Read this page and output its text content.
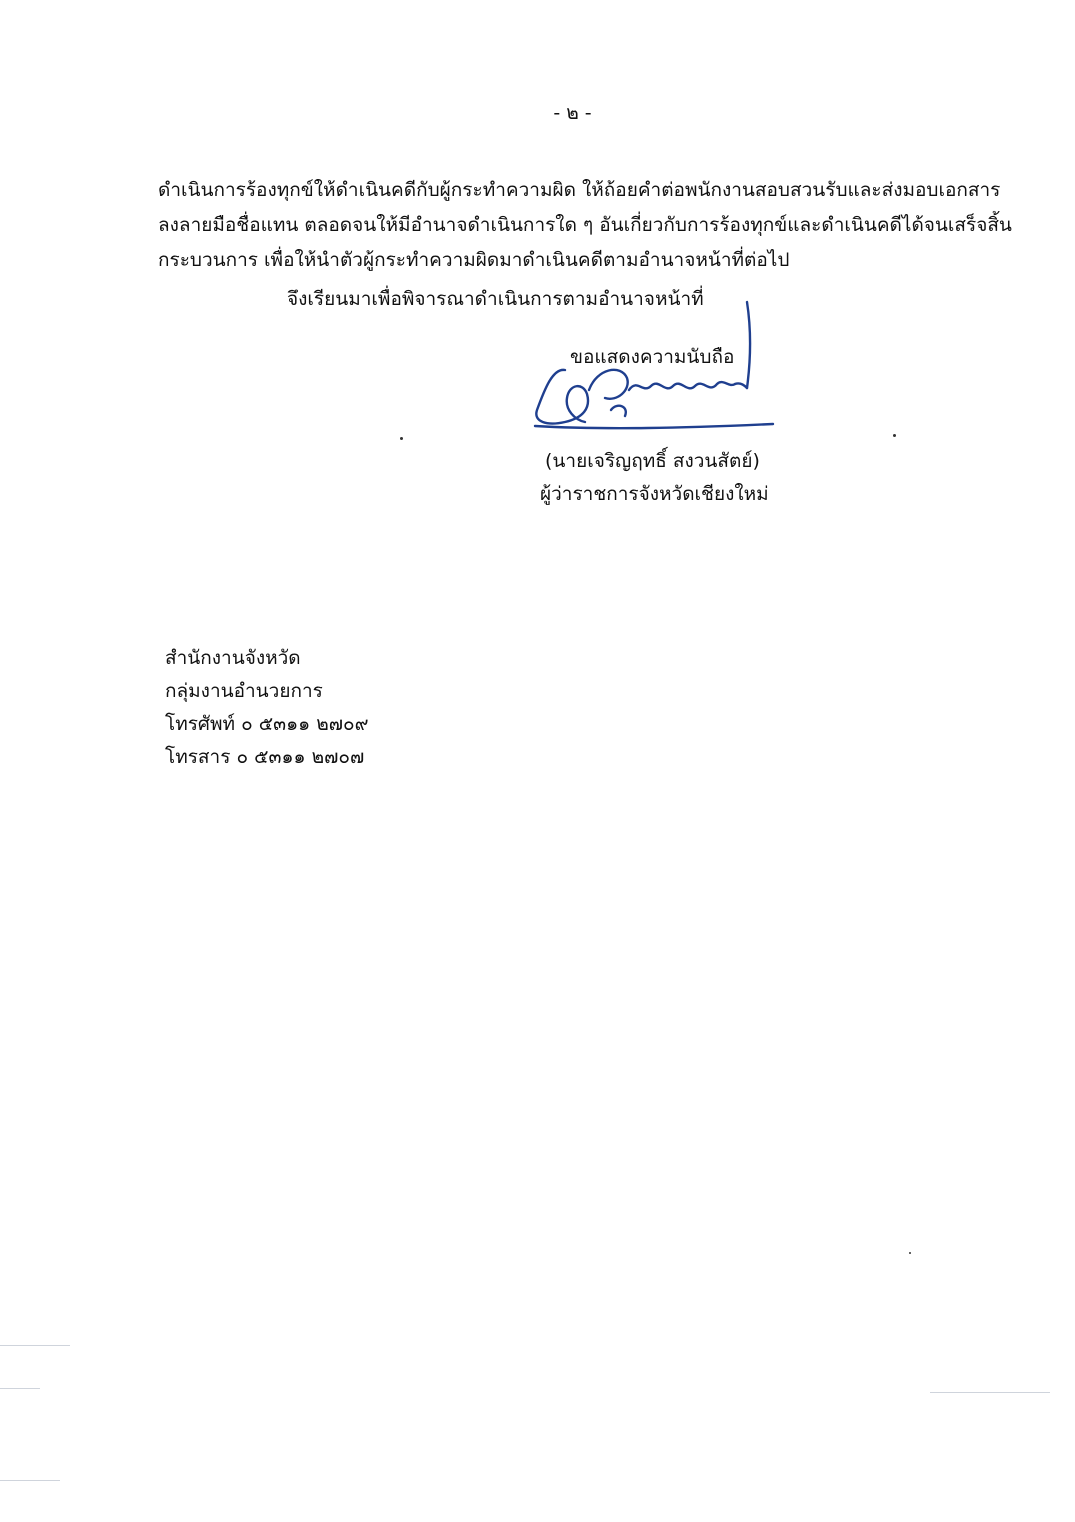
- ๒ -
ดำเนินการร้องทุกข์ให้ดำเนินคดีกับผู้กระทำความผิด ให้ถ้อยคำต่อพนักงานสอบสวนรับและส่งมอบเอกสาร
ลงลายมือชื่อแทน ตลอดจนให้มีอำนาจดำเนินการใด ๆ อันเกี่ยวกับการร้องทุกข์และดำเนินคดีได้จนเสร็จสิ้น
กระบวนการ เพื่อให้นำตัวผู้กระทำความผิดมาดำเนินคดีตามอำนาจหน้าที่ต่อไป
จึงเรียนมาเพื่อพิจารณาดำเนินการตามอำนาจหน้าที่
ขอแสดงความนับถือ
(นายเจริญฤทธิ์ สงวนสัตย์)
ผู้ว่าราชการจังหวัดเชียงใหม่
สำนักงานจังหวัด
กลุ่มงานอำนวยการ
โทรศัพท์ ๐ ๕๓๑๑ ๒๗๐๙
โทรสาร ๐ ๕๓๑๑ ๒๗๐๗
